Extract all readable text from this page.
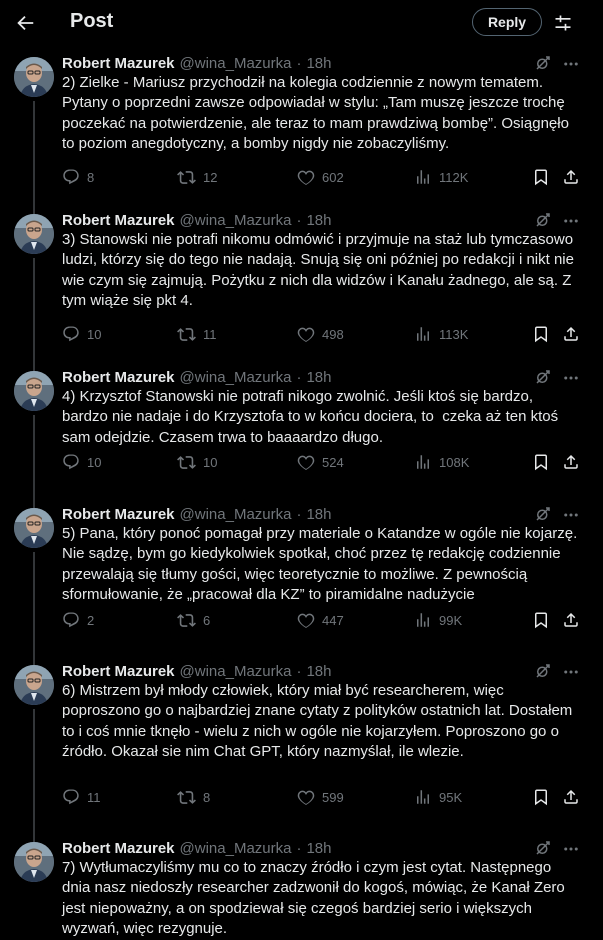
Post	Reply
Robert Mazurek @wina_Mazurka · 18h
2) Zielke - Mariusz przychodził na kolegia codziennie z nowym tematem. Pytany o poprzedni zawsze odpowiadał w stylu: „Tam muszę jeszcze trochę poczekać na potwierdzenie, ale teraz to mam prawdziwą bombę”. Osiągnęło to poziom anegdotyczny, a bomby nigdy nie zobaczyliśmy.
8	12	602	112K
Robert Mazurek @wina_Mazurka · 18h
3) Stanowski nie potrafi nikomu odmówić i przyjmuje na staż lub tymczasowo ludzi, którzy się do tego nie nadają. Snują się oni później po redakcji i nikt nie wie czym się zajmują. Pożytku z nich dla widzów i Kanału żadnego, ale są. Z tym wiąże się pkt 4.
10	11	498	113K
Robert Mazurek @wina_Mazurka · 18h
4) Krzysztof Stanowski nie potrafi nikogo zwolnić. Jeśli ktoś się bardzo, bardzo nie nadaje i do Krzysztofa to w końcu dociera, to  czeka aż ten ktoś sam odejdzie. Czasem trwa to baaaardzo długo.
10	10	524	108K
Robert Mazurek @wina_Mazurka · 18h
5) Pana, który ponoć pomagał przy materiale o Katandze w ogóle nie kojarzę. Nie sądzę, bym go kiedykolwiek spotkał, choć przez tę redakcję codziennie przewalają się tłumy gości, więc teoretycznie to możliwe. Z pewnością sformułowanie, że „pracował dla KZ” to piramidalne nadużycie
2	6	447	99K
Robert Mazurek @wina_Mazurka · 18h
6) Mistrzem był młody człowiek, który miał być researcherem, więc poproszono go o najbardziej znane cytaty z polityków ostatnich lat. Dostałem to i coś mnie tknęło - wielu z nich w ogóle nie kojarzyłem. Poproszono go o źródło. Okazał sie nim Chat GPT, który nazmyślał, ile wlezie.
11	8	599	95K
Robert Mazurek @wina_Mazurka · 18h
7) Wytłumaczyliśmy mu co to znaczy źródło i czym jest cytat. Następnego dnia nasz niedoszły researcher zadzwonił do kogoś, mówiąc, że Kanał Zero jest niepoważny, a on spodziewał się czegoś bardziej serio i większych wyzwań, więc rezygnuje.
